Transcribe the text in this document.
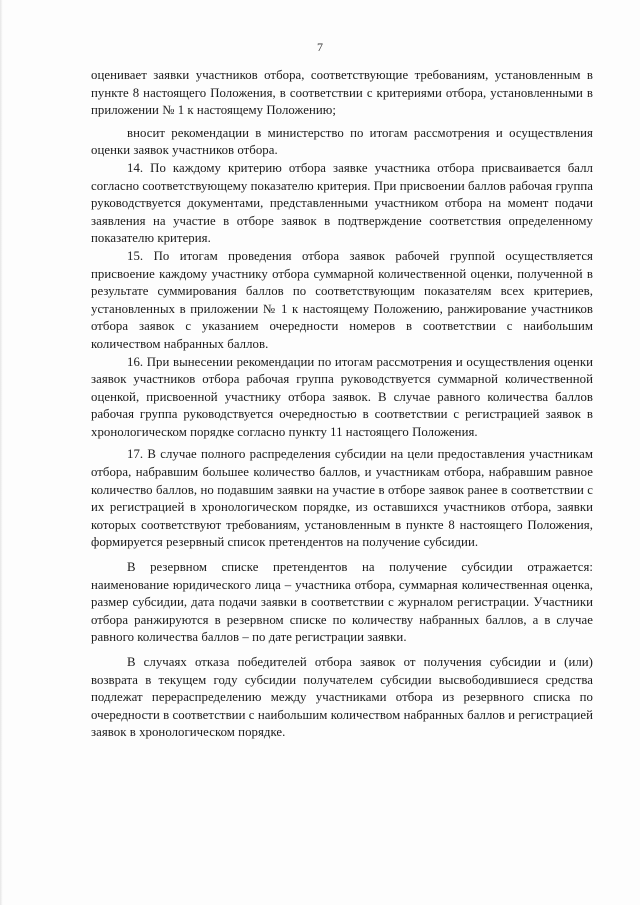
7

оценивает заявки участников отбора, соответствующие требованиям, установленным в пункте 8 настоящего Положения, в соответствии с критериями отбора, установленными в приложении № 1 к настоящему Положению;

вносит рекомендации в министерство по итогам рассмотрения и осуществления оценки заявок участников отбора.

14. По каждому критерию отбора заявке участника отбора присваивается балл согласно соответствующему показателю критерия. При присвоении баллов рабочая группа руководствуется документами, представленными участником отбора на момент подачи заявления на участие в отборе заявок в подтверждение соответствия определенному показателю критерия.

15. По итогам проведения отбора заявок рабочей группой осуществляется присвоение каждому участнику отбора суммарной количественной оценки, полученной в результате суммирования баллов по соответствующим показателям всех критериев, установленных в приложении № 1 к настоящему Положению, ранжирование участников отбора заявок с указанием очередности номеров в соответствии с наибольшим количеством набранных баллов.

16. При вынесении рекомендации по итогам рассмотрения и осуществления оценки заявок участников отбора рабочая группа руководствуется суммарной количественной оценкой, присвоенной участнику отбора заявок. В случае равного количества баллов рабочая группа руководствуется очередностью в соответствии с регистрацией заявок в хронологическом порядке согласно пункту 11 настоящего Положения.

17. В случае полного распределения субсидии на цели предоставления участникам отбора, набравшим большее количество баллов, и участникам отбора, набравшим равное количество баллов, но подавшим заявки на участие в отборе заявок ранее в соответствии с их регистрацией в хронологическом порядке, из оставшихся участников отбора, заявки которых соответствуют требованиям, установленным в пункте 8 настоящего Положения, формируется резервный список претендентов на получение субсидии.

В резервном списке претендентов на получение субсидии отражается: наименование юридического лица – участника отбора, суммарная количественная оценка, размер субсидии, дата подачи заявки в соответствии с журналом регистрации. Участники отбора ранжируются в резервном списке по количеству набранных баллов, а в случае равного количества баллов – по дате регистрации заявки.

В случаях отказа победителей отбора заявок от получения субсидии и (или) возврата в текущем году субсидии получателем субсидии высвободившиеся средства подлежат перераспределению между участниками отбора из резервного списка по очередности в соответствии с наибольшим количеством набранных баллов и регистрацией заявок в хронологическом порядке.
